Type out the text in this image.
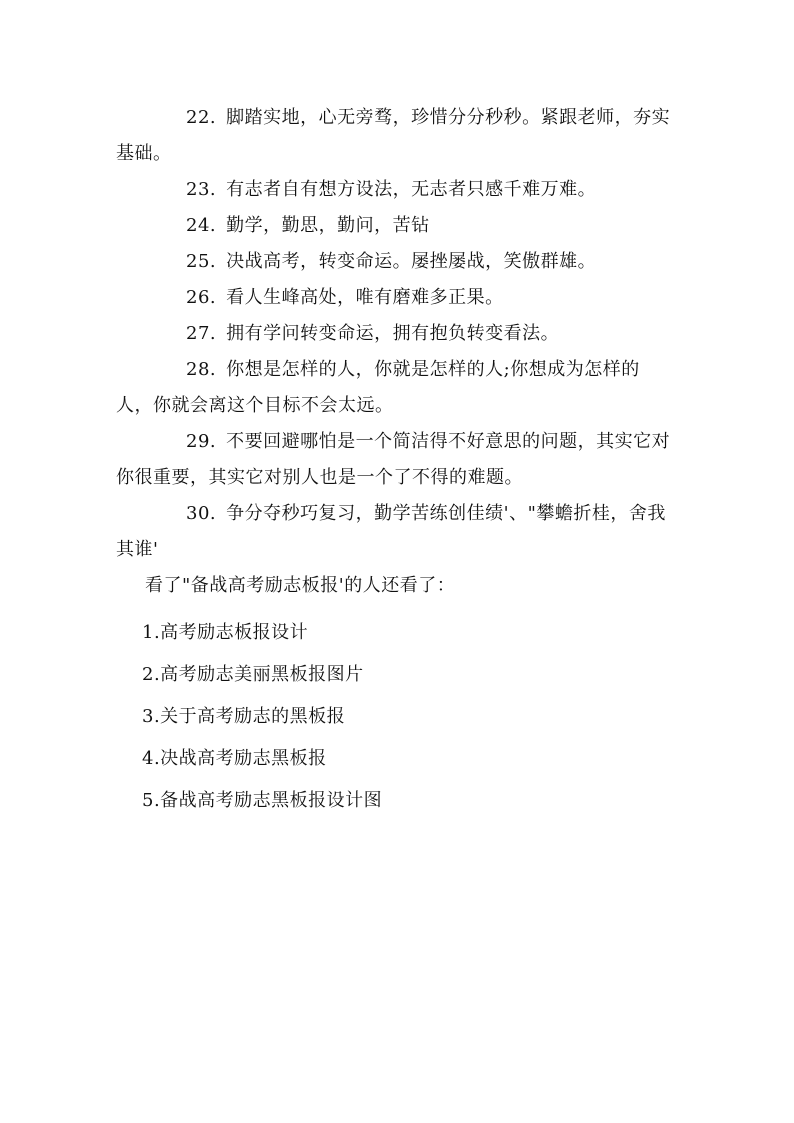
22. 脚踏实地，心无旁骛，珍惜分分秒秒。紧跟老师，夯实基础。

23. 有志者自有想方设法，无志者只感千难万难。

24. 勤学，勤思，勤问，苦钻

25. 决战高考，转变命运。屡挫屡战，笑傲群雄。

26. 看人生峰高处，唯有磨难多正果。

27. 拥有学问转变命运，拥有抱负转变看法。

28. 你想是怎样的人，你就是怎样的人;你想成为怎样的人，你就会离这个目标不会太远。

29. 不要回避哪怕是一个简洁得不好意思的问题，其实它对你很重要，其实它对别人也是一个了不得的难题。

30. 争分夺秒巧复习，勤学苦练创佳绩'、"攀蟾折桂，舍我其谁'

看了"备战高考励志板报'的人还看了：

1.高考励志板报设计
2.高考励志美丽黑板报图片
3.关于高考励志的黑板报
4.决战高考励志黑板报
5.备战高考励志黑板报设计图
